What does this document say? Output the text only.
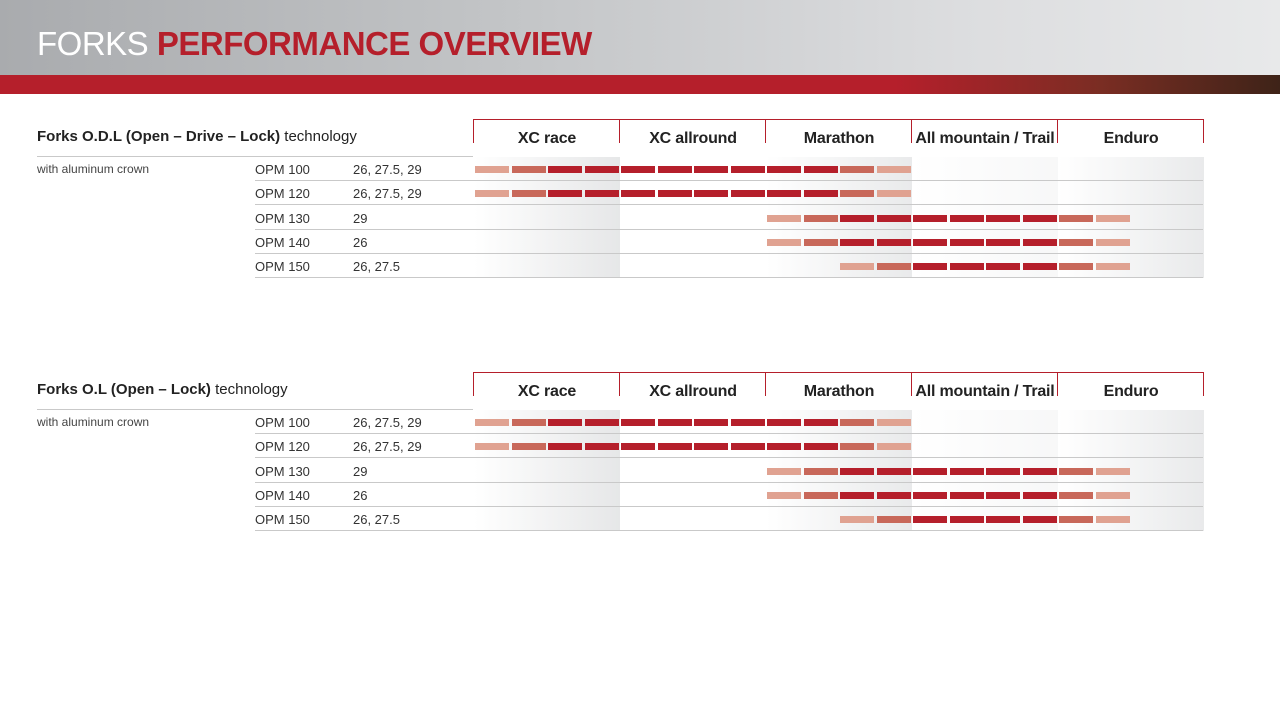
FORKS PERFORMANCE OVERVIEW
Forks O.D.L (Open – Drive – Lock) technology	XC race	XC allround	Marathon	All mountain / Trail	Enduro
with aluminum crown	OPM 100	26, 27.5, 29
OPM 120	26, 27.5, 29
OPM 130	29
OPM 140	26
OPM 150	26, 27.5
Forks O.L (Open – Lock) technology	XC race	XC allround	Marathon	All mountain / Trail	Enduro
with aluminum crown	OPM 100	26, 27.5, 29
OPM 120	26, 27.5, 29
OPM 130	29
OPM 140	26
OPM 150	26, 27.5
